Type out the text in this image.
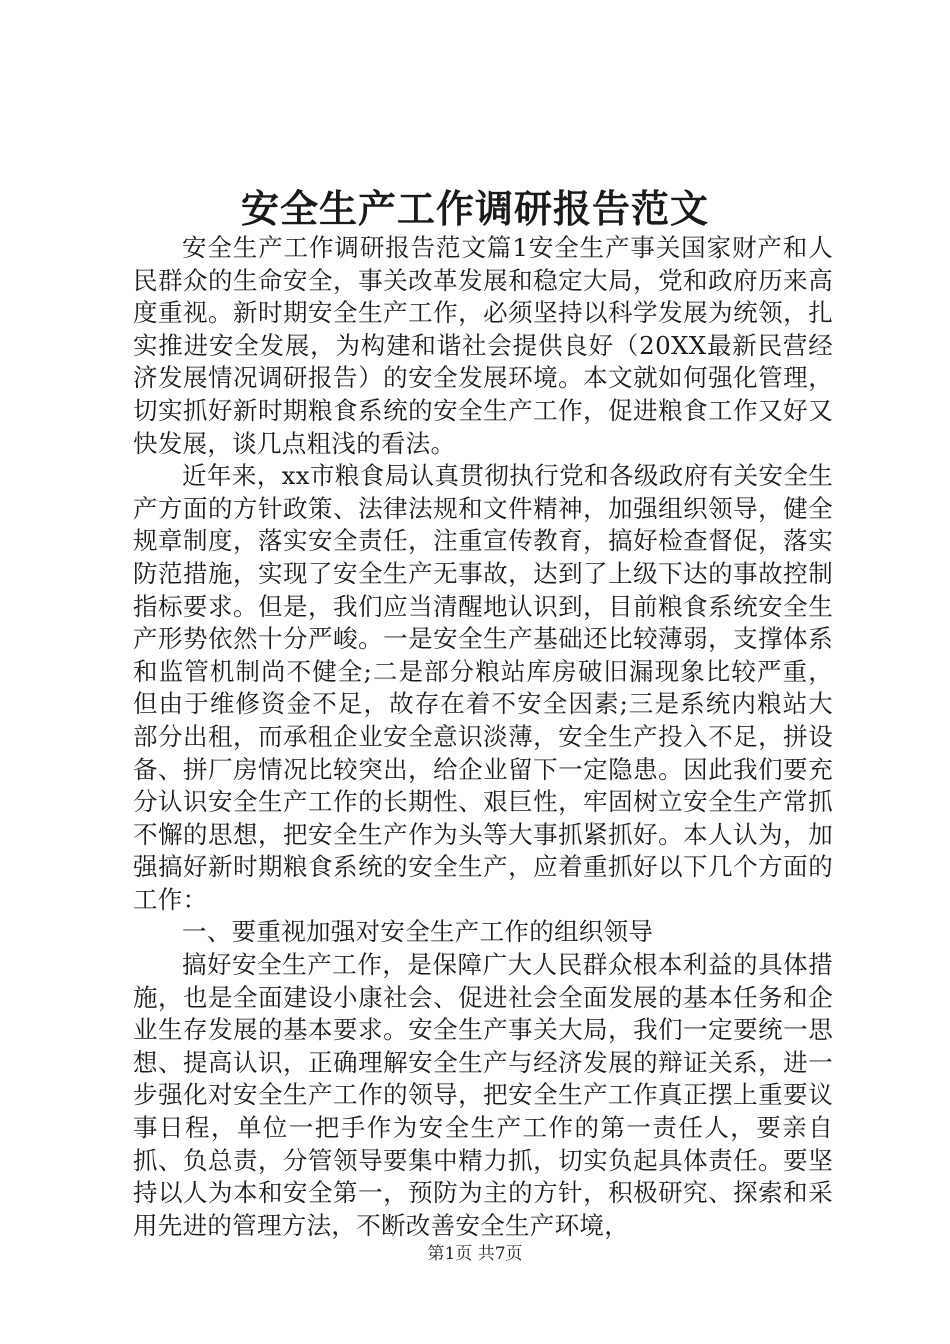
安全生产工作调研报告范文

安全生产工作调研报告范文篇1安全生产事关国家财产和人民群众的生命安全，事关改革发展和稳定大局，党和政府历来高度重视。新时期安全生产工作，必须坚持以科学发展为统领，扎实推进安全发展，为构建和谐社会提供良好（20XX最新民营经济发展情况调研报告）的安全发展环境。本文就如何强化管理，切实抓好新时期粮食系统的安全生产工作，促进粮食工作又好又快发展，谈几点粗浅的看法。

近年来，xx市粮食局认真贯彻执行党和各级政府有关安全生产方面的方针政策、法律法规和文件精神，加强组织领导，健全规章制度，落实安全责任，注重宣传教育，搞好检查督促，落实防范措施，实现了安全生产无事故，达到了上级下达的事故控制指标要求。但是，我们应当清醒地认识到，目前粮食系统安全生产形势依然十分严峻。一是安全生产基础还比较薄弱，支撑体系和监管机制尚不健全;二是部分粮站库房破旧漏现象比较严重，但由于维修资金不足，故存在着不安全因素;三是系统内粮站大部分出租，而承租企业安全意识淡薄，安全生产投入不足，拼设备、拼厂房情况比较突出，给企业留下一定隐患。因此我们要充分认识安全生产工作的长期性、艰巨性，牢固树立安全生产常抓不懈的思想，把安全生产作为头等大事抓紧抓好。本人认为，加强搞好新时期粮食系统的安全生产，应着重抓好以下几个方面的工作：

一、要重视加强对安全生产工作的组织领导

搞好安全生产工作，是保障广大人民群众根本利益的具体措施，也是全面建设小康社会、促进社会全面发展的基本任务和企业生存发展的基本要求。安全生产事关大局，我们一定要统一思想、提高认识，正确理解安全生产与经济发展的辩证关系，进一步强化对安全生产工作的领导，把安全生产工作真正摆上重要议事日程，单位一把手作为安全生产工作的第一责任人，要亲自抓、负总责，分管领导要集中精力抓，切实负起具体责任。要坚持以人为本和安全第一，预防为主的方针，积极研究、探索和采用先进的管理方法，不断改善安全生产环境，

第1页 共7页
